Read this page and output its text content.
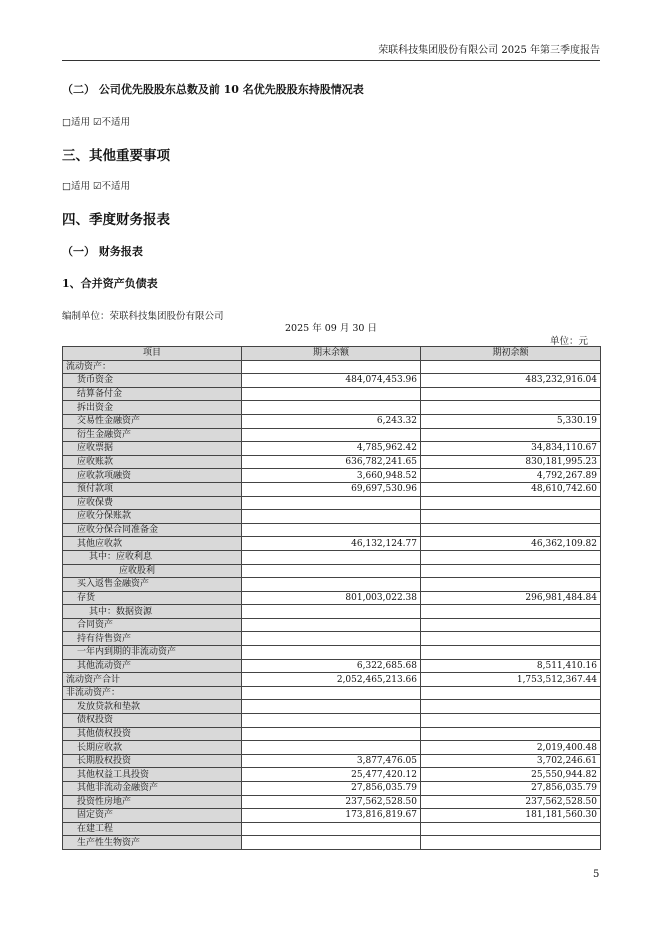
荣联科技集团股份有限公司 2025 年第三季度报告
（二） 公司优先股股东总数及前 10 名优先股股东持股情况表
□适用 ☑不适用
三、其他重要事项
□适用 ☑不适用
四、季度财务报表
（一） 财务报表
1、合并资产负债表
编制单位：荣联科技集团股份有限公司
2025 年 09 月 30 日
单位：元
项目	期末余额	期初余额
流动资产：		
货币资金	484,074,453.96	483,232,916.04
结算备付金		
拆出资金		
交易性金融资产	6,243.32	5,330.19
衍生金融资产		
应收票据	4,785,962.42	34,834,110.67
应收账款	636,782,241.65	830,181,995.23
应收款项融资	3,660,948.52	4,792,267.89
预付款项	69,697,530.96	48,610,742.60
应收保费		
应收分保账款		
应收分保合同准备金		
其他应收款	46,132,124.77	46,362,109.82
其中：应收利息		
应收股利		
买入返售金融资产		
存货	801,003,022.38	296,981,484.84
其中：数据资源		
合同资产		
持有待售资产		
一年内到期的非流动资产		
其他流动资产	6,322,685.68	8,511,410.16
流动资产合计	2,052,465,213.66	1,753,512,367.44
非流动资产：		
发放贷款和垫款		
债权投资		
其他债权投资		
长期应收款		2,019,400.48
长期股权投资	3,877,476.05	3,702,246.61
其他权益工具投资	25,477,420.12	25,550,944.82
其他非流动金融资产	27,856,035.79	27,856,035.79
投资性房地产	237,562,528.50	237,562,528.50
固定资产	173,816,819.67	181,181,560.30
在建工程		
生产性生物资产		
5
